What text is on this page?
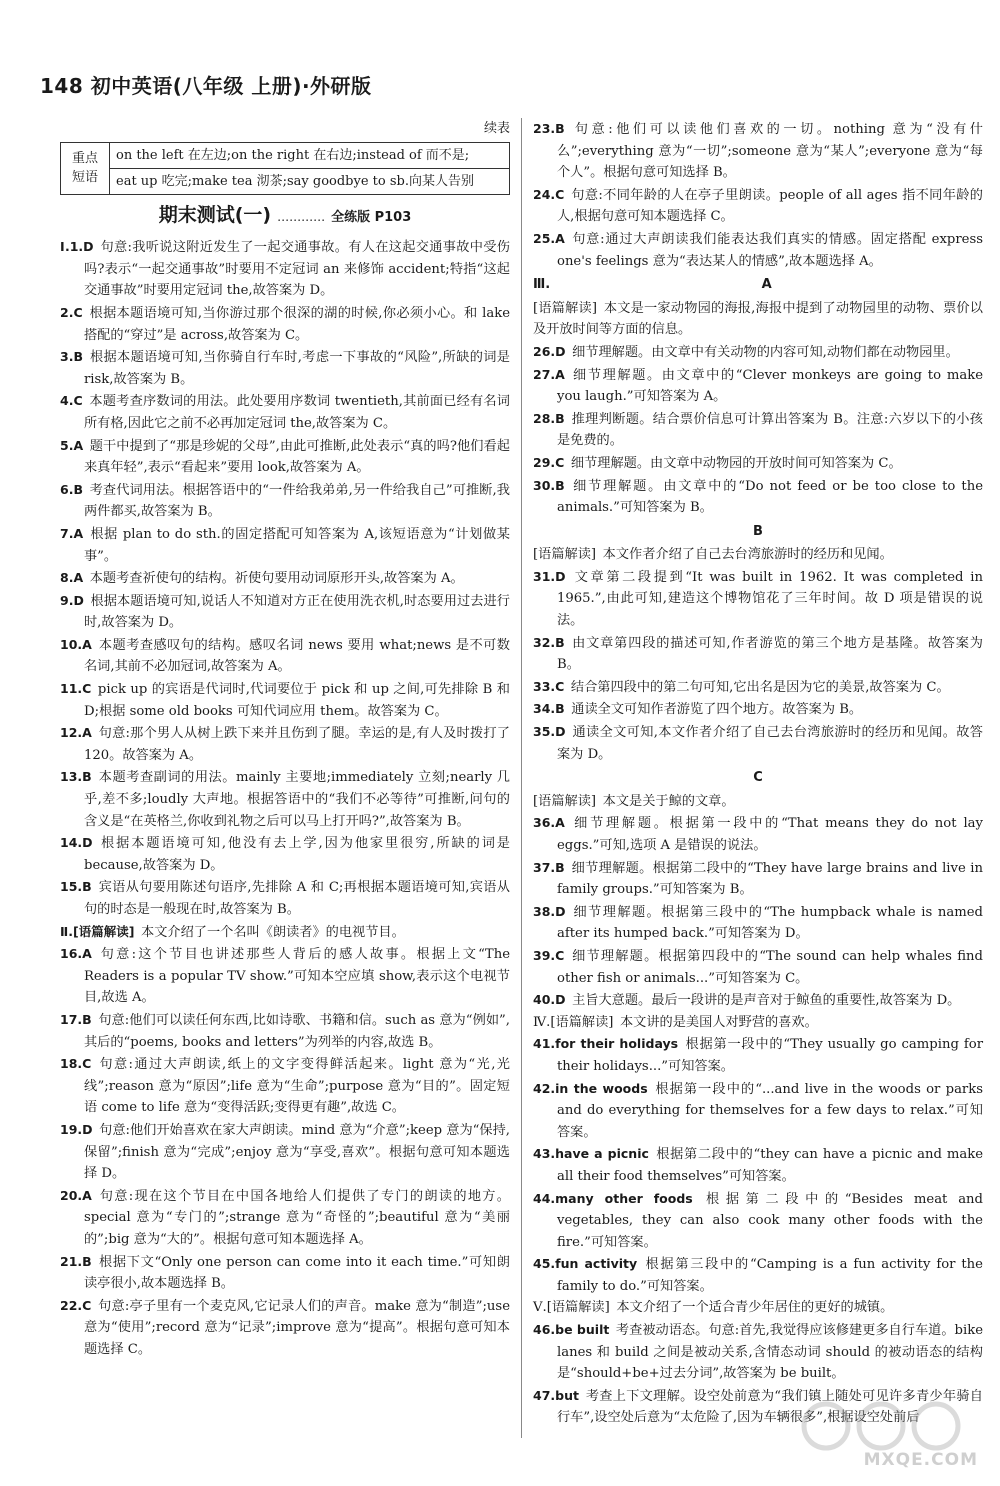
148 初中英语(八年级 上册)·外研版
续表
重点短语	on the left 在左边;on the right 在右边;instead of 而不是;
eat up 吃完;make tea 沏茶;say goodbye to sb.向某人告别
期末测试(一) ………… 全练版 P103
Ⅰ.1.D  句意:我听说这附近发生了一起交通事故。有人在这起交通事故中受伤吗?表示“一起交通事故”时要用不定冠词 an 来修饰 accident;特指“这起交通事故”时要用定冠词 the,故答案为 D。
2.C  根据本题语境可知,当你游过那个很深的湖的时候,你必须小心。和 lake 搭配的“穿过”是 across,故答案为 C。
3.B  根据本题语境可知,当你骑自行车时,考虑一下事故的“风险”,所缺的词是 risk,故答案为 B。
4.C  本题考查序数词的用法。此处要用序数词 twentieth,其前面已经有名词所有格,因此它之前不必再加定冠词 the,故答案为 C。
5.A  题干中提到了“那是珍妮的父母”,由此可推断,此处表示“真的吗?他们看起来真年轻”,表示“看起来”要用 look,故答案为 A。
6.B  考查代词用法。根据答语中的“一件给我弟弟,另一件给我自己”可推断,我两件都买,故答案为 B。
7.A  根据 plan to do sth.的固定搭配可知答案为 A,该短语意为“计划做某事”。
8.A  本题考查祈使句的结构。祈使句要用动词原形开头,故答案为 A。
9.D  根据本题语境可知,说话人不知道对方正在使用洗衣机,时态要用过去进行时,故答案为 D。
10.A  本题考查感叹句的结构。感叹名词 news 要用 what;news 是不可数名词,其前不必加冠词,故答案为 A。
11.C  pick up 的宾语是代词时,代词要位于 pick 和 up 之间,可先排除 B 和 D;根据 some old books 可知代词应用 them。故答案为 C。
12.A  句意:那个男人从树上跌下来并且伤到了腿。幸运的是,有人及时拨打了 120。故答案为 A。
13.B  本题考查副词的用法。mainly 主要地;immediately 立刻;nearly 几乎,差不多;loudly 大声地。根据答语中的“我们不必等待”可推断,问句的含义是“在英格兰,你收到礼物之后可以马上打开吗?”,故答案为 B。
14.D  根据本题语境可知,他没有去上学,因为他家里很穷,所缺的词是 because,故答案为 D。
15.B  宾语从句要用陈述句语序,先排除 A 和 C;再根据本题语境可知,宾语从句的时态是一般现在时,故答案为 B。
Ⅱ.[语篇解读]  本文介绍了一个名叫《朗读者》的电视节目。
16.A  句意:这个节目也讲述那些人背后的感人故事。根据上文“The Readers is a popular TV show.”可知本空应填 show,表示这个电视节目,故选 A。
17.B  句意:他们可以读任何东西,比如诗歌、书籍和信。such as 意为“例如”,其后的“poems, books and letters”为列举的内容,故选 B。
18.C  句意:通过大声朗读,纸上的文字变得鲜活起来。light 意为“光,光线”;reason 意为“原因”;life 意为“生命”;purpose 意为“目的”。固定短语 come to life 意为“变得活跃;变得更有趣”,故选 C。
19.D  句意:他们开始喜欢在家大声朗读。mind 意为“介意”;keep 意为“保持,保留”;finish 意为“完成”;enjoy 意为“享受,喜欢”。根据句意可知本题选择 D。
20.A  句意:现在这个节目在中国各地给人们提供了专门的朗读的地方。special 意为“专门的”;strange 意为“奇怪的”;beautiful 意为“美丽的”;big 意为“大的”。根据句意可知本题选择 A。
21.B  根据下文“Only one person can come into it each time.”可知朗读亭很小,故本题选择 B。
22.C  句意:亭子里有一个麦克风,它记录人们的声音。make 意为“制造”;use 意为“使用”;record 意为“记录”;improve 意为“提高”。根据句意可知本题选择 C。
23.B  句意:他们可以读他们喜欢的一切。nothing 意为“没有什么”;everything 意为“一切”;someone 意为“某人”;everyone 意为“每个人”。根据句意可知选择 B。
24.C  句意:不同年龄的人在亭子里朗读。people of all ages 指不同年龄的人,根据句意可知本题选择 C。
25.A  句意:通过大声朗读我们能表达我们真实的情感。固定搭配 express one's feelings 意为“表达某人的情感”,故本题选择 A。
Ⅲ.	A
[语篇解读]  本文是一家动物园的海报,海报中提到了动物园里的动物、票价以及开放时间等方面的信息。
26.D  细节理解题。由文章中有关动物的内容可知,动物们都在动物园里。
27.A  细节理解题。由文章中的“Clever monkeys are going to make you laugh.”可知答案为 A。
28.B  推理判断题。结合票价信息可计算出答案为 B。注意:六岁以下的小孩是免费的。
29.C  细节理解题。由文章中动物园的开放时间可知答案为 C。
30.B  细节理解题。由文章中的“Do not feed or be too close to the animals.”可知答案为 B。
B
[语篇解读]  本文作者介绍了自己去台湾旅游时的经历和见闻。
31.D  文章第二段提到“It was built in 1962. It was completed in 1965.”,由此可知,建造这个博物馆花了三年时间。故 D 项是错误的说法。
32.B  由文章第四段的描述可知,作者游览的第三个地方是基隆。故答案为 B。
33.C  结合第四段中的第二句可知,它出名是因为它的美景,故答案为 C。
34.B  通读全文可知作者游览了四个地方。故答案为 B。
35.D  通读全文可知,本文作者介绍了自己去台湾旅游时的经历和见闻。故答案为 D。
C
[语篇解读]  本文是关于鲸的文章。
36.A  细节理解题。根据第一段中的“That means they do not lay eggs.”可知,选项 A 是错误的说法。
37.B  细节理解题。根据第二段中的“They have large brains and live in family groups.”可知答案为 B。
38.D  细节理解题。根据第三段中的“The humpback whale is named after its humped back.”可知答案为 D。
39.C  细节理解题。根据第四段中的“The sound can help whales find other fish or animals...”可知答案为 C。
40.D  主旨大意题。最后一段讲的是声音对于鲸鱼的重要性,故答案为 D。
Ⅳ.[语篇解读]  本文讲的是美国人对野营的喜欢。
41.for their holidays  根据第一段中的“They usually go camping for their holidays...”可知答案。
42.in the woods  根据第一段中的“...and live in the woods or parks and do everything for themselves for a few days to relax.”可知答案。
43.have a picnic  根据第二段中的“they can have a picnic and make all their food themselves”可知答案。
44.many other foods  根据第二段中的“Besides meat and vegetables, they can also cook many other foods with the fire.”可知答案。
45.fun activity  根据第三段中的“Camping is a fun activity for the family to do.”可知答案。
Ⅴ.[语篇解读]  本文介绍了一个适合青少年居住的更好的城镇。
46.be built  考查被动语态。句意:首先,我觉得应该修建更多自行车道。bike lanes 和 build 之间是被动关系,含情态动词 should 的被动语态的结构是“should+be+过去分词”,故答案为 be built。
47.but  考查上下文理解。设空处前意为“我们镇上随处可见许多青少年骑自行车”,设空处后意为“太危险了,因为车辆很多”,根据设空处前后
MXQE.COM
